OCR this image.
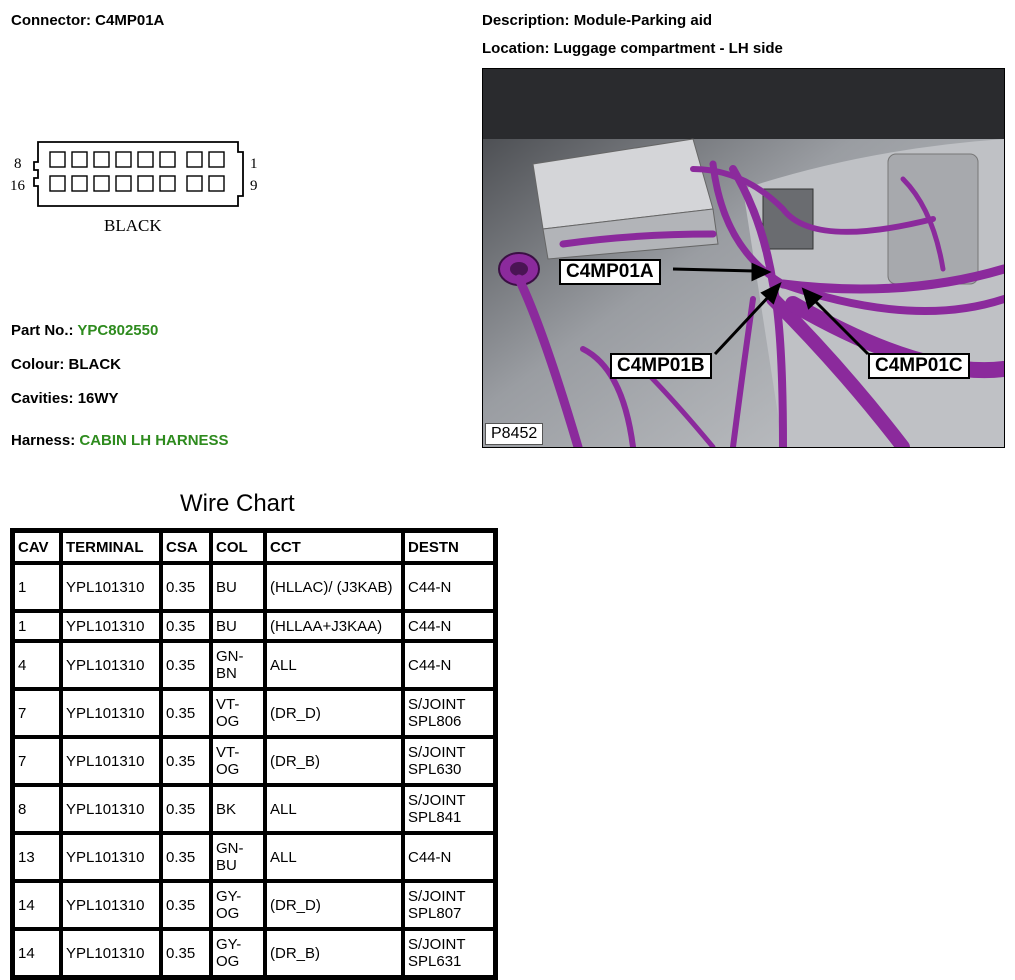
Connector: C4MP01A	Description: Module-Parking aid
Location: Luggage compartment - LH side
8	1
16	9
BLACK
Part No.: YPC802550
Colour: BLACK
Cavities: 16WY
Harness: CABIN LH HARNESS
C4MP01A
C4MP01B	C4MP01C
P8452
Wire Chart
CAV	TERMINAL	CSA	COL	CCT	DESTN
1	YPL101310	0.35	BU	(HLLAC)/ (J3KAB)	C44-N
1	YPL101310	0.35	BU	(HLLAA+J3KAA)	C44-N
4	YPL101310	0.35	GN- BN	ALL	C44-N
7	YPL101310	0.35	VT- OG	(DR_D)	S/JOINT SPL806
7	YPL101310	0.35	VT- OG	(DR_B)	S/JOINT SPL630
8	YPL101310	0.35	BK	ALL	S/JOINT SPL841
13	YPL101310	0.35	GN- BU	ALL	C44-N
14	YPL101310	0.35	GY- OG	(DR_D)	S/JOINT SPL807
14	YPL101310	0.35	GY- OG	(DR_B)	S/JOINT SPL631
